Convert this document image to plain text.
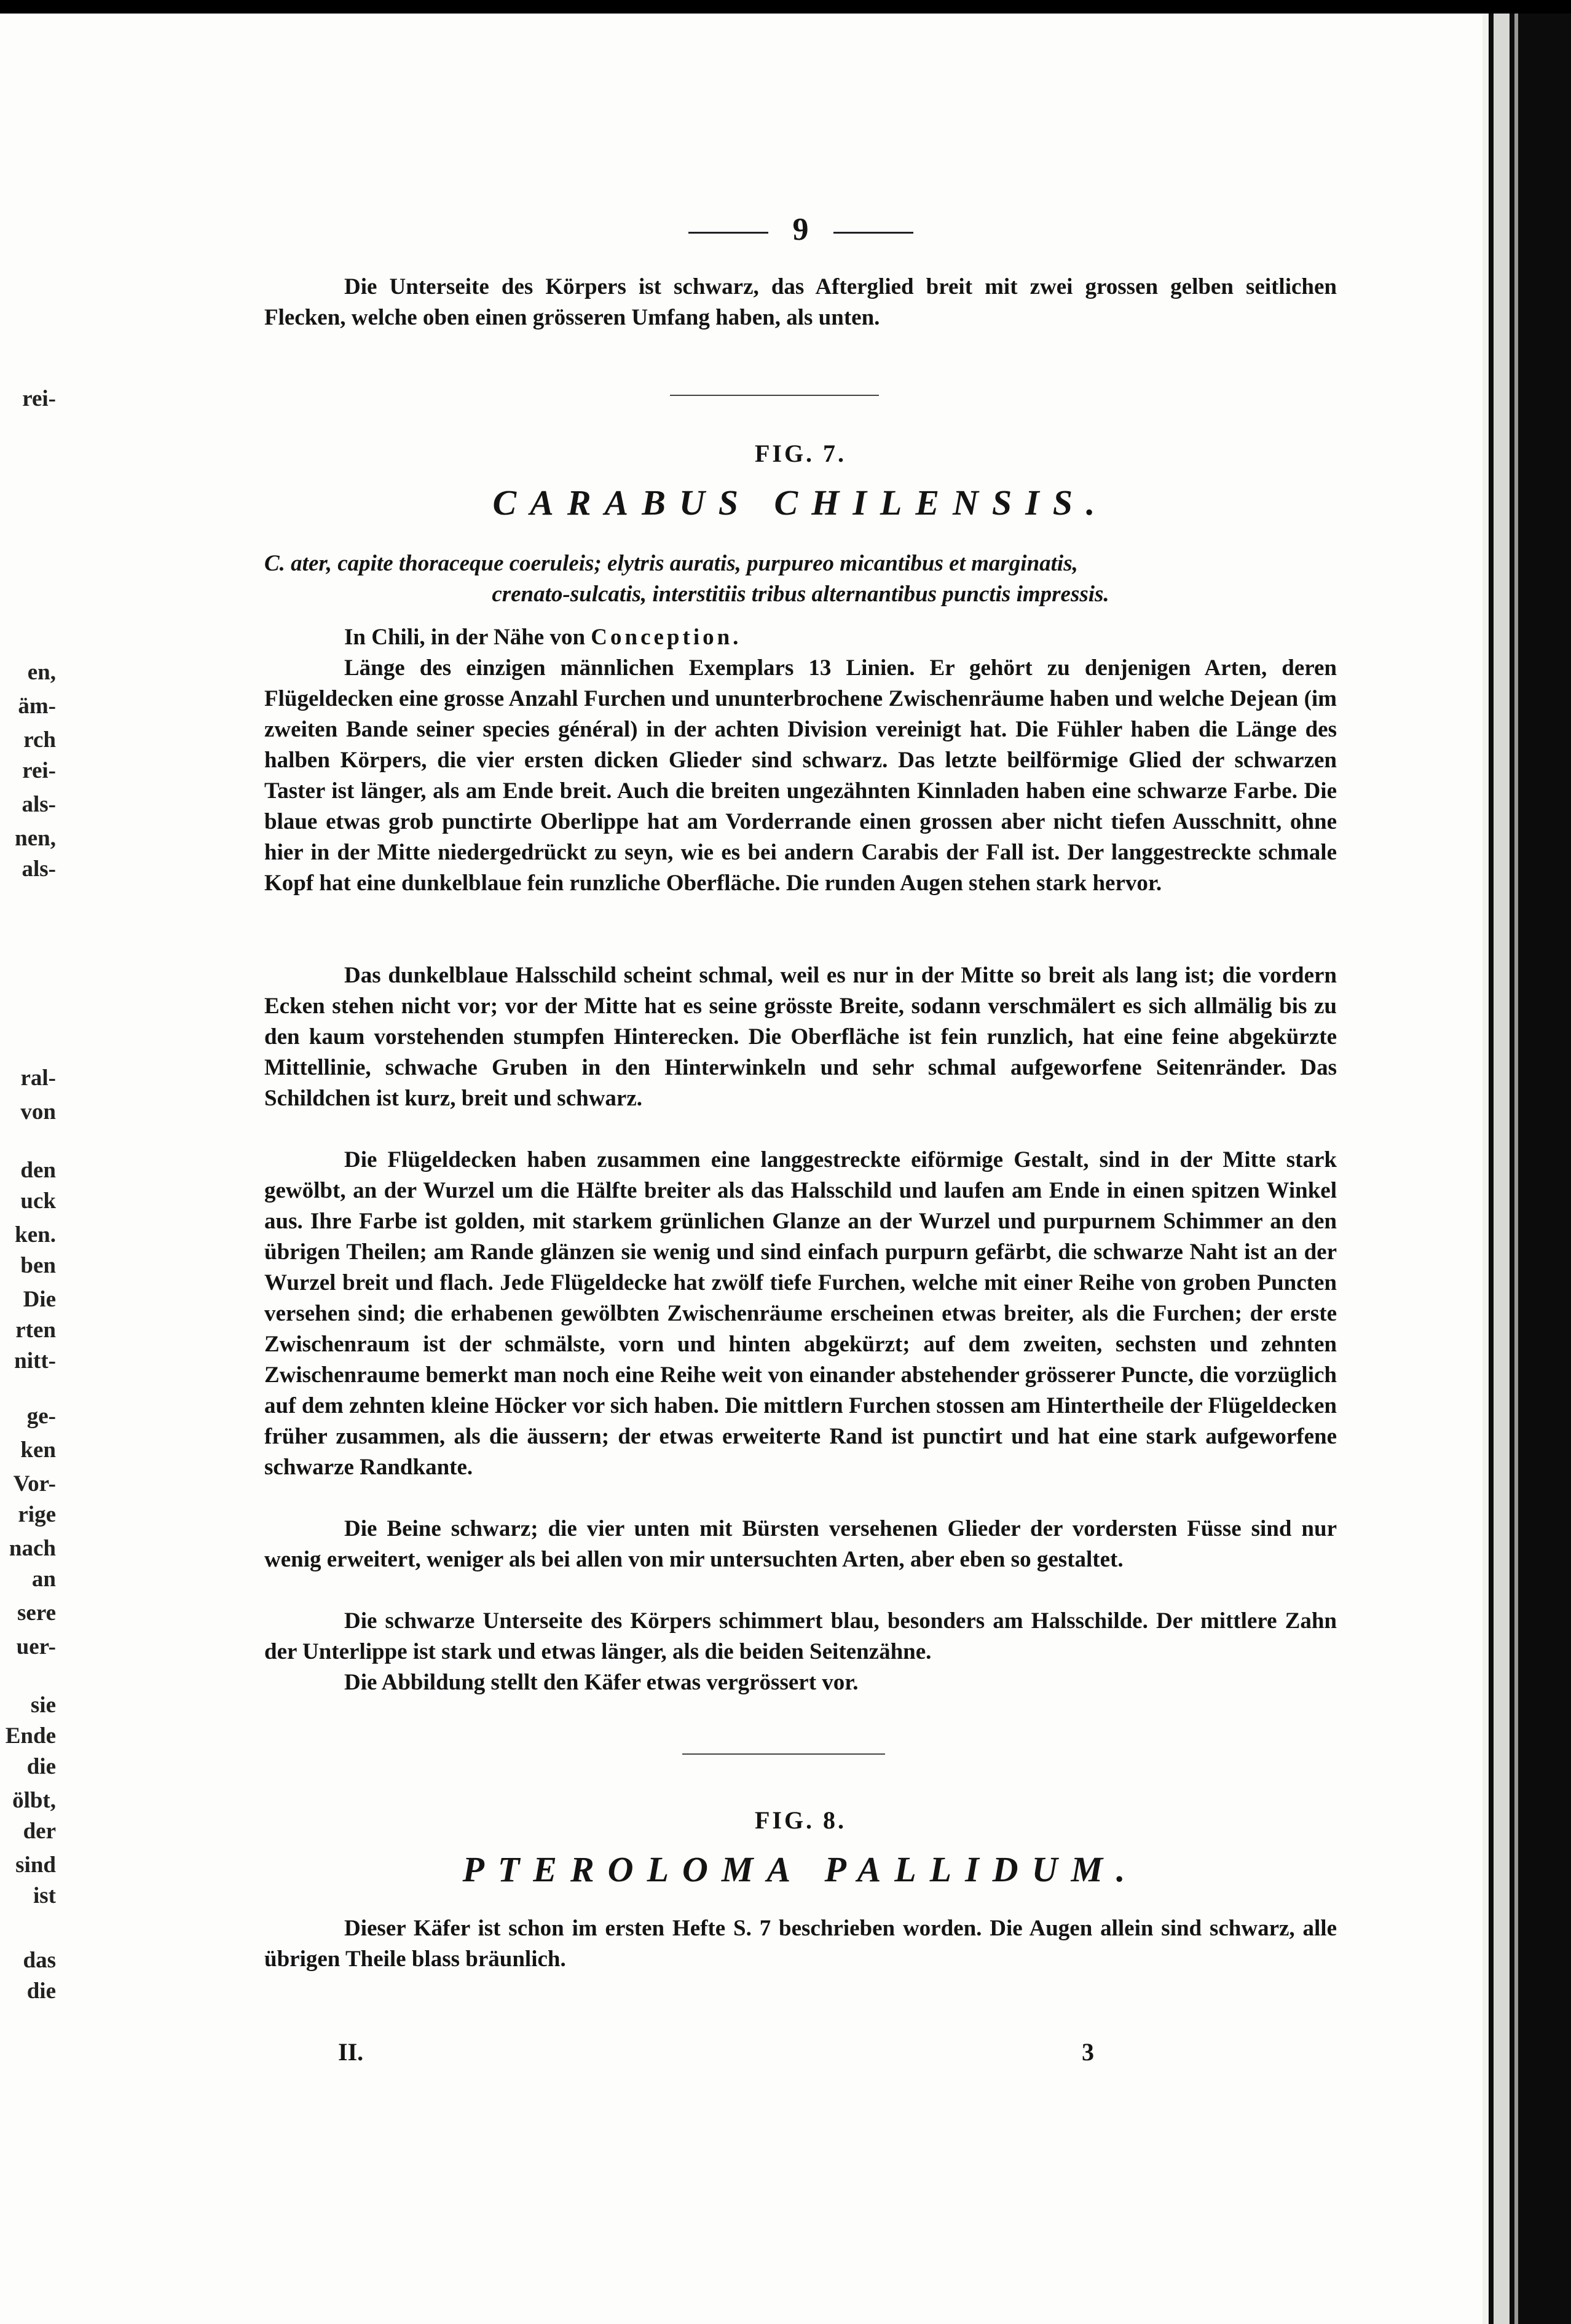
rei-
en,
äm-
rch
rei-
als-
nen,
als-
ral-
von
den
uck
ken.
ben
Die
rten
nitt-
ge-
ken
Vor-
rige
nach
an
sere
uer-
sie
Ende
die
ölbt,
der
sind
ist
das
die
9
Die Unterseite des Körpers ist schwarz, das Afterglied breit mit zwei grossen gelben seitlichen Flecken, welche oben einen grösseren Umfang haben, als unten.
FIG. 7.
CARABUS CHILENSIS.
C. ater, capite thoraceque coeruleis; elytris auratis, purpureo micantibus et marginatis,
crenato-sulcatis, interstitiis tribus alternantibus punctis impressis.
In Chili, in der Nähe von Conception.
Länge des einzigen männlichen Exemplars 13 Linien. Er gehört zu denjenigen Arten, deren Flügeldecken eine grosse Anzahl Furchen und ununterbrochene Zwischenräume haben und welche Dejean (im zweiten Bande seiner species général) in der achten Division vereinigt hat. Die Fühler haben die Länge des halben Körpers, die vier ersten dicken Glieder sind schwarz. Das letzte beilförmige Glied der schwarzen Taster ist länger, als am Ende breit. Auch die breiten ungezähnten Kinnladen haben eine schwarze Farbe. Die blaue etwas grob punctirte Oberlippe hat am Vorderrande einen grossen aber nicht tiefen Ausschnitt, ohne hier in der Mitte niedergedrückt zu seyn, wie es bei andern Carabis der Fall ist. Der langgestreckte schmale Kopf hat eine dunkelblaue fein runzliche Oberfläche. Die runden Augen stehen stark hervor.
Das dunkelblaue Halsschild scheint schmal, weil es nur in der Mitte so breit als lang ist; die vordern Ecken stehen nicht vor; vor der Mitte hat es seine grösste Breite, sodann verschmälert es sich allmälig bis zu den kaum vorstehenden stumpfen Hinterecken. Die Oberfläche ist fein runzlich, hat eine feine abgekürzte Mittellinie, schwache Gruben in den Hinterwinkeln und sehr schmal aufgeworfene Seitenränder. Das Schildchen ist kurz, breit und schwarz.
Die Flügeldecken haben zusammen eine langgestreckte eiförmige Gestalt, sind in der Mitte stark gewölbt, an der Wurzel um die Hälfte breiter als das Halsschild und laufen am Ende in einen spitzen Winkel aus. Ihre Farbe ist golden, mit starkem grünlichen Glanze an der Wurzel und purpurnem Schimmer an den übrigen Theilen; am Rande glänzen sie wenig und sind einfach purpurn gefärbt, die schwarze Naht ist an der Wurzel breit und flach. Jede Flügeldecke hat zwölf tiefe Furchen, welche mit einer Reihe von groben Puncten versehen sind; die erhabenen gewölbten Zwischenräume erscheinen etwas breiter, als die Furchen; der erste Zwischenraum ist der schmälste, vorn und hinten abgekürzt; auf dem zweiten, sechsten und zehnten Zwischenraume bemerkt man noch eine Reihe weit von einander abstehender grösserer Puncte, die vorzüglich auf dem zehnten kleine Höcker vor sich haben. Die mittlern Furchen stossen am Hintertheile der Flügeldecken früher zusammen, als die äussern; der etwas erweiterte Rand ist punctirt und hat eine stark aufgeworfene schwarze Randkante.
Die Beine schwarz; die vier unten mit Bürsten versehenen Glieder der vordersten Füsse sind nur wenig erweitert, weniger als bei allen von mir untersuchten Arten, aber eben so gestaltet.
Die schwarze Unterseite des Körpers schimmert blau, besonders am Halsschilde. Der mittlere Zahn der Unterlippe ist stark und etwas länger, als die beiden Seitenzähne.
Die Abbildung stellt den Käfer etwas vergrössert vor.
FIG. 8.
PTEROLOMA PALLIDUM.
Dieser Käfer ist schon im ersten Hefte S. 7 beschrieben worden. Die Augen allein sind schwarz, alle übrigen Theile blass bräunlich.
II.	3
